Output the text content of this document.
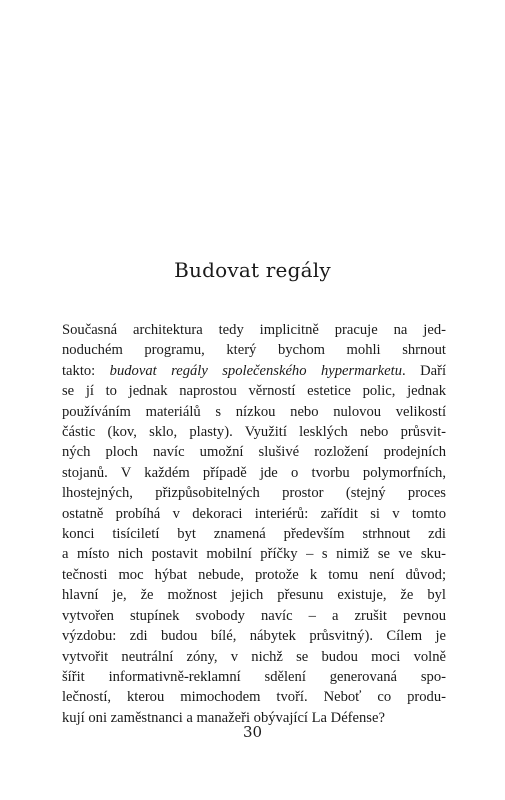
Budovat regály
Současná architektura tedy implicitně pracuje na jed-
noduchém programu, který bychom mohli shrnout
takto: budovat regály společenského hypermarketu. Daří
se jí to jednak naprostou věrností estetice polic, jednak
používáním materiálů s nízkou nebo nulovou velikostí
částic (kov, sklo, plasty). Využití lesklých nebo průsvit-
ných ploch navíc umožní slušivé rozložení prodejních
stojanů. V každém případě jde o tvorbu polymorfních,
lhostejných, přizpůsobitelných prostor (stejný proces
ostatně probíhá v dekoraci interiérů: zařídit si v tomto
konci tisíciletí byt znamená především strhnout zdi
a místo nich postavit mobilní příčky – s nimiž se ve sku-
tečnosti moc hýbat nebude, protože k tomu není důvod;
hlavní je, že možnost jejich přesunu existuje, že byl
vytvořen stupínek svobody navíc – a zrušit pevnou
výzdobu: zdi budou bílé, nábytek průsvitný). Cílem je
vytvořit neutrální zóny, v nichž se budou moci volně
šířit informativně-reklamní sdělení generovaná spo-
lečností, kterou mimochodem tvoří. Neboť co produ-
kují oni zaměstnanci a manažeři obývající La Défense?
30
